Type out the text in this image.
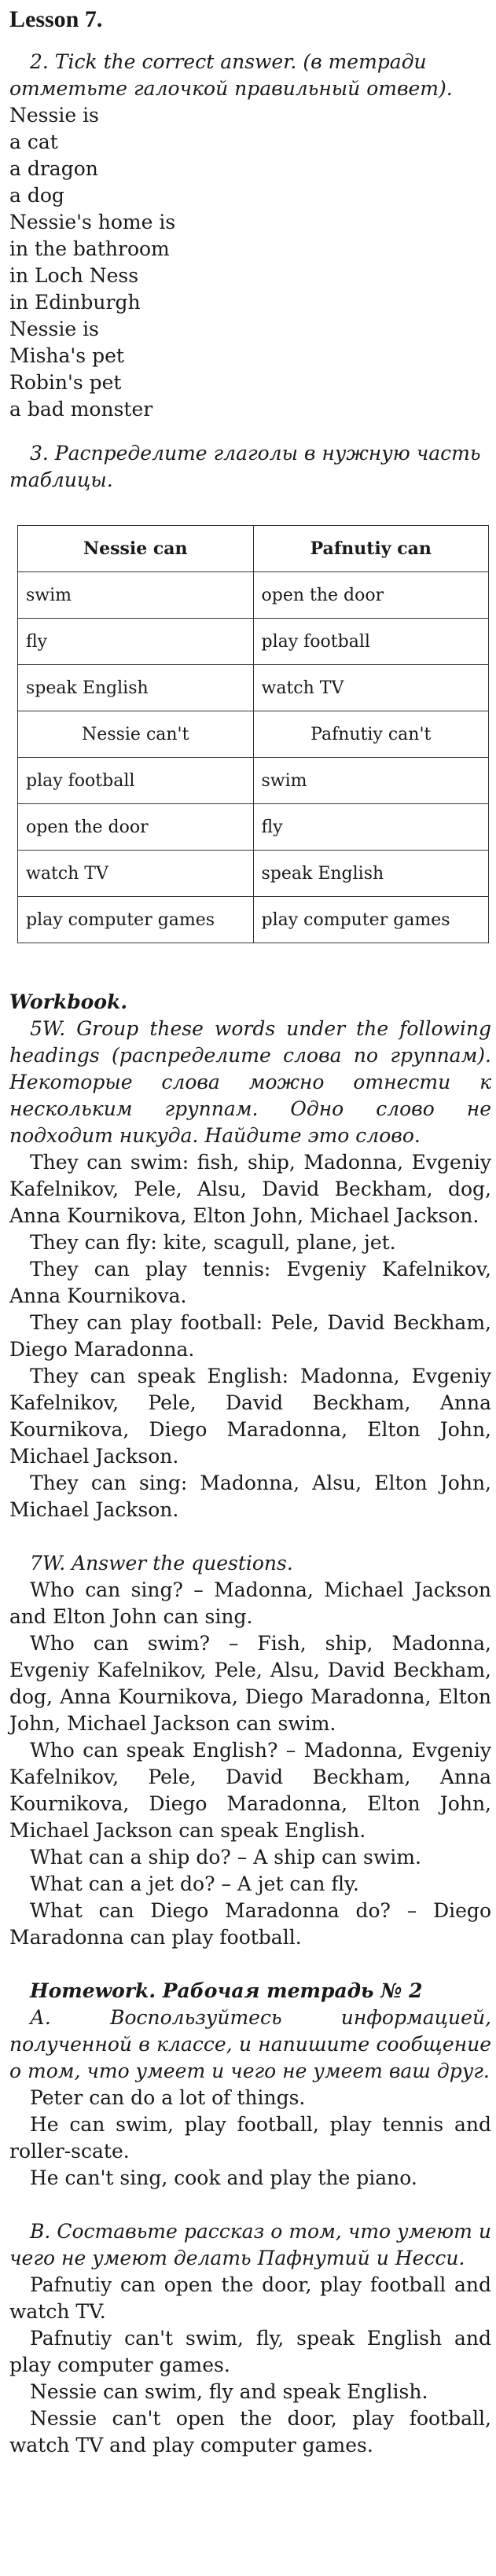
Lesson 7.

2. Tick the correct answer. (в тетради отметьте галочкой правильный ответ).

Nessie is

a cat

a dragon

a dog

Nessie's home is

in the bathroom

in Loch Ness

in Edinburgh

Nessie is

Misha's pet

Robin's pet

a bad monster

3. Распределите глаголы в нужную часть таблицы.

Nessie can	Pafnutiy can
swim	open the door
fly	play football
speak English	watch TV
Nessie can't	Pafnutiy can't
play football	swim
open the door	fly
watch TV	speak English
play computer games	play computer games

Workbook.

5W. Group these words under the following headings (распределите слова по группам). Некоторые слова можно отнести к нескольким группам. Одно слово не подходит никуда. Найдите это слово.

They can swim: fish, ship, Madonna, Evgeniy Kafelnikov, Pele, Alsu, David Beckham, dog, Anna Kournikova, Elton John, Michael Jackson.

They can fly: kite, scagull, plane, jet.

They can play tennis: Evgeniy Kafelnikov, Anna Kournikova.

They can play football: Pele, David Beckham, Diego Maradonna.

They can speak English: Madonna, Evgeniy Kafelnikov, Pele, David Beckham, Anna Kournikova, Diego Maradonna, Elton John, Michael Jackson.

They can sing: Madonna, Alsu, Elton John, Michael Jackson.

7W. Answer the questions.

Who can sing? – Madonna, Michael Jackson and Elton John can sing.

Who can swim? – Fish, ship, Madonna, Evgeniy Kafelnikov, Pele, Alsu, David Beckham, dog, Anna Kournikova, Diego Maradonna, Elton John, Michael Jackson can swim.

Who can speak English? – Madonna, Evgeniy Kafelnikov, Pele, David Beckham, Anna Kournikova, Diego Maradonna, Elton John, Michael Jackson can speak English.

What can a ship do? – A ship can swim.

What can a jet do? – A jet can fly.

What can Diego Maradonna do? – Diego Maradonna can play football.

Homework. Рабочая тетрадь № 2

А. Воспользуйтесь информацией, полученной в классе, и напишите сообщение о том, что умеет и чего не умеет ваш друг.

Peter can do a lot of things.

He can swim, play football, play tennis and roller-scate.

He can't sing, cook and play the piano.

В. Составьте рассказ о том, что умеют и чего не умеют делать Пафнутий и Несси.

Pafnutiy can open the door, play football and watch TV.

Pafnutiy can't swim, fly, speak English and play computer games.

Nessie can swim, fly and speak English.

Nessie can't open the door, play football, watch TV and play computer games.
